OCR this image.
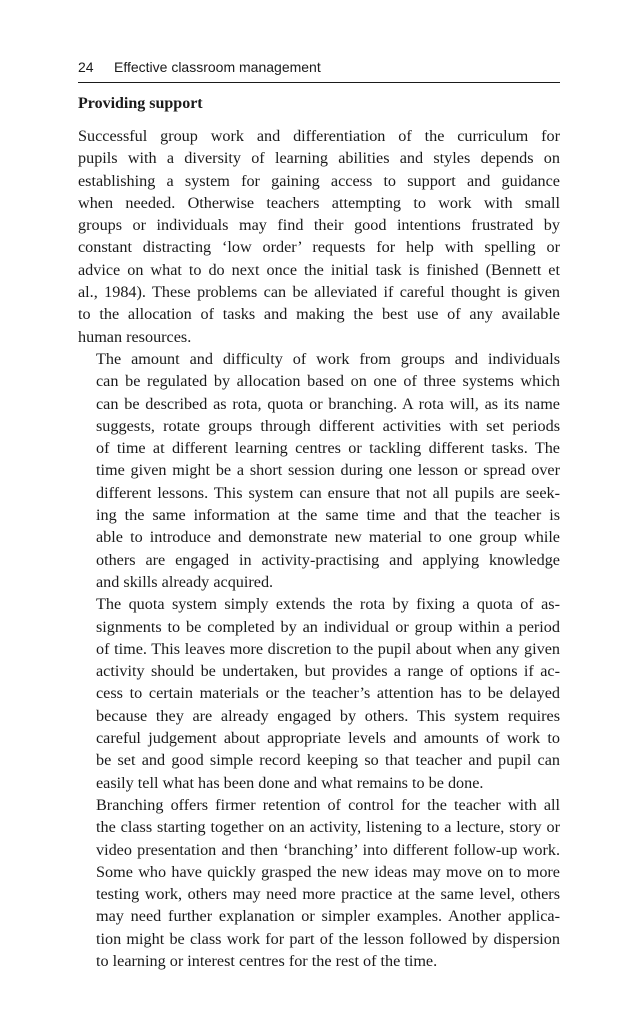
24 Effective classroom management
Providing support

Successful group work and differentiation of the curriculum for
pupils with a diversity of learning abilities and styles depends on
establishing a system for gaining access to support and guidance
when needed. Otherwise teachers attempting to work with small
groups or individuals may find their good intentions frustrated by
constant distracting ‘low order’ requests for help with spelling or
advice on what to do next once the initial task is finished (Bennett et
al., 1984). These problems can be alleviated if careful thought is given
to the allocation of tasks and making the best use of any available
human resources.

The amount and difficulty of work from groups and individuals
can be regulated by allocation based on one of three systems which
can be described as rota, quota or branching. A rota will, as its name
suggests, rotate groups through different activities with set periods
of time at different learning centres or tackling different tasks. The
time given might be a short session during one lesson or spread over
different lessons. This system can ensure that not all pupils are seek-
ing the same information at the same time and that the teacher is
able to introduce and demonstrate new material to one group while
others are engaged in activity-practising and applying knowledge
and skills already acquired.

The quota system simply extends the rota by fixing a quota of as-
signments to be completed by an individual or group within a period
of time. This leaves more discretion to the pupil about when any given
activity should be undertaken, but provides a range of options if ac-
cess to certain materials or the teacher’s attention has to be delayed
because they are already engaged by others. This system requires
careful judgement about appropriate levels and amounts of work to
be set and good simple record keeping so that teacher and pupil can
easily tell what has been done and what remains to be done.

Branching offers firmer retention of control for the teacher with all
the class starting together on an activity, listening to a lecture, story or
video presentation and then ‘branching’ into different follow-up work.
Some who have quickly grasped the new ideas may move on to more
testing work, others may need more practice at the same level, others
may need further explanation or simpler examples. Another applica-
tion might be class work for part of the lesson followed by dispersion
to learning or interest centres for the rest of the time.
